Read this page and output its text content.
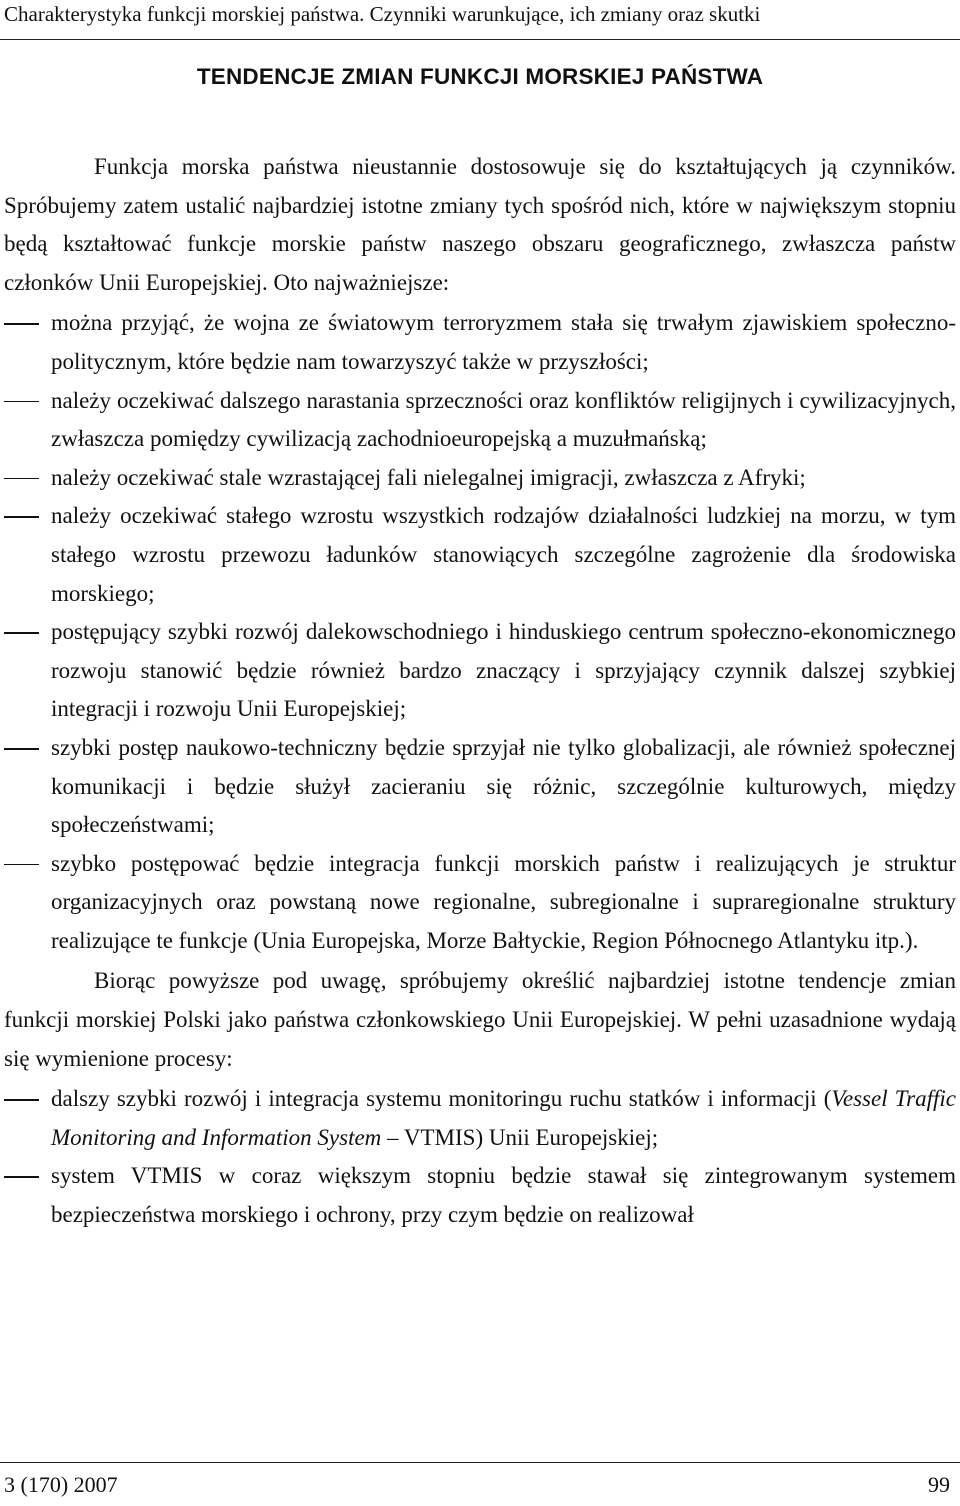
Charakterystyka funkcji morskiej państwa. Czynniki warunkujące, ich zmiany oraz skutki
TENDENCJE ZMIAN FUNKCJI MORSKIEJ PAŃSTWA

Funkcja morska państwa nieustannie dostosowuje się do kształtujących ją czynników. Spróbujemy zatem ustalić najbardziej istotne zmiany tych spośród nich, które w największym stopniu będą kształtować funkcje morskie państw naszego obszaru geograficznego, zwłaszcza państw członków Unii Europejskiej. Oto najważniejsze:

można przyjąć, że wojna ze światowym terroryzmem stała się trwałym zjawiskiem społeczno-politycznym, które będzie nam towarzyszyć także w przyszłości;
należy oczekiwać dalszego narastania sprzeczności oraz konfliktów religijnych i cywilizacyjnych, zwłaszcza pomiędzy cywilizacją zachodnioeuropejską a muzułmańską;
należy oczekiwać stale wzrastającej fali nielegalnej imigracji, zwłaszcza z Afryki;
należy oczekiwać stałego wzrostu wszystkich rodzajów działalności ludzkiej na morzu, w tym stałego wzrostu przewozu ładunków stanowiących szczególne zagrożenie dla środowiska morskiego;
postępujący szybki rozwój dalekowschodniego i hinduskiego centrum społeczno-ekonomicznego rozwoju stanowić będzie również bardzo znaczący i sprzyjający czynnik dalszej szybkiej integracji i rozwoju Unii Europejskiej;
szybki postęp naukowo-techniczny będzie sprzyjał nie tylko globalizacji, ale również społecznej komunikacji i będzie służył zacieraniu się różnic, szczególnie kulturowych, między społeczeństwami;
szybko postępować będzie integracja funkcji morskich państw i realizujących je struktur organizacyjnych oraz powstaną nowe regionalne, subregionalne i supraregionalne struktury realizujące te funkcje (Unia Europejska, Morze Bałtyckie, Region Północnego Atlantyku itp.).

Biorąc powyższe pod uwagę, spróbujemy określić najbardziej istotne tendencje zmian funkcji morskiej Polski jako państwa członkowskiego Unii Europejskiej. W pełni uzasadnione wydają się wymienione procesy:

dalszy szybki rozwój i integracja systemu monitoringu ruchu statków i informacji (Vessel Traffic Monitoring and Information System – VTMIS) Unii Europejskiej;
system VTMIS w coraz większym stopniu będzie stawał się zintegrowanym systemem bezpieczeństwa morskiego i ochrony, przy czym będzie on realizował
3 (170) 2007	99
